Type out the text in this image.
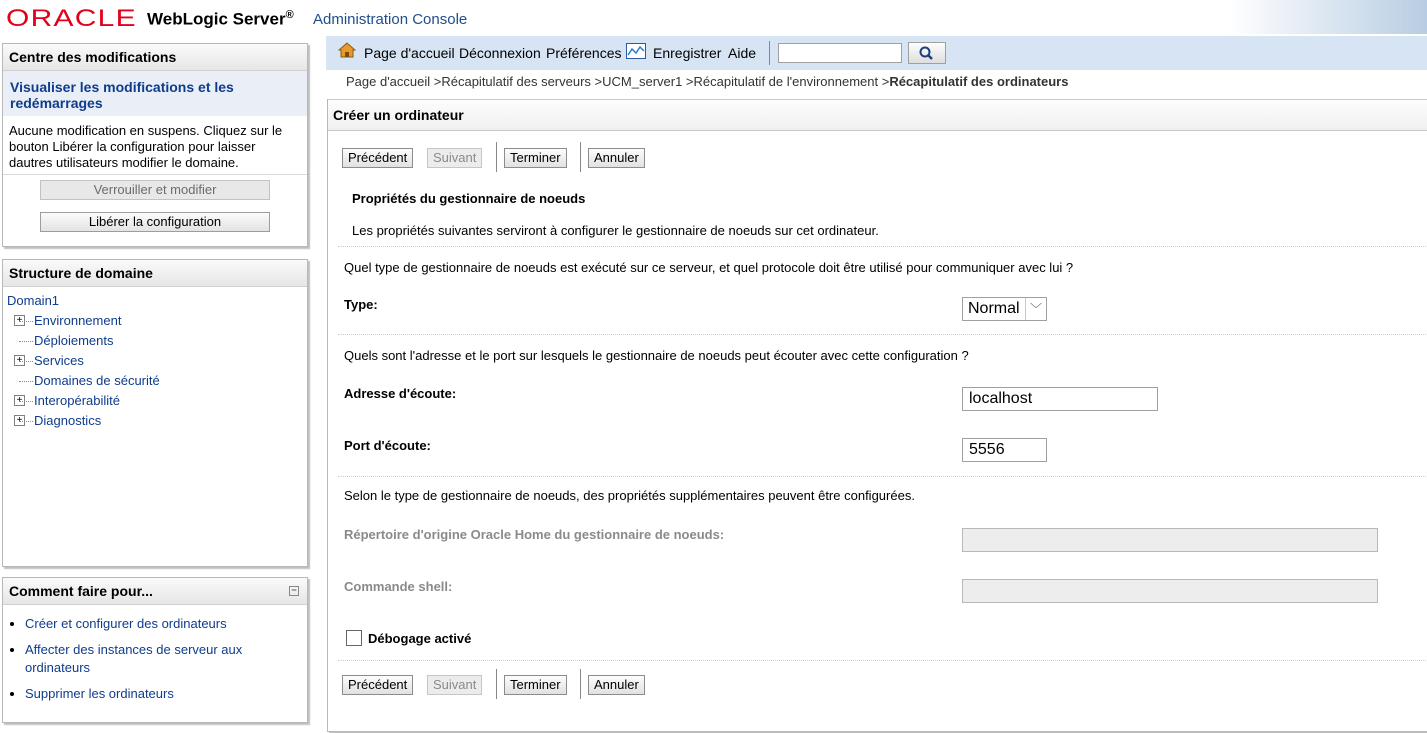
ORACLE WebLogic Server® Administration Console
Centre des modifications
Visualiser les modifications et les redémarrages
Aucune modification en suspens. Cliquez sur le bouton Libérer la configuration pour laisser dautres utilisateurs modifier le domaine.
Verrouiller et modifier
Libérer la configuration
Structure de domaine
Domain1
+ Environnement
Déploiements
+ Services
Domaines de sécurité
+ Interopérabilité
+ Diagnostics
Comment faire pour...	−
• Créer et configurer des ordinateurs
• Affecter des instances de serveur aux ordinateurs
• Supprimer les ordinateurs
Page d'accueil Déconnexion Préférences Enregistrer Aide
Page d'accueil >Récapitulatif des serveurs >UCM_server1 >Récapitulatif de l'environnement >Récapitulatif des ordinateurs
Créer un ordinateur
Précédent	Suivant	Terminer	Annuler
Propriétés du gestionnaire de noeuds
Les propriétés suivantes serviront à configurer le gestionnaire de noeuds sur cet ordinateur.
Quel type de gestionnaire de noeuds est exécuté sur ce serveur, et quel protocole doit être utilisé pour communiquer avec lui ?
Type:	Normal ﹀
Quels sont l'adresse et le port sur lesquels le gestionnaire de noeuds peut écouter avec cette configuration ?
Adresse d'écoute:	localhost
Port d'écoute:	5556
Selon le type de gestionnaire de noeuds, des propriétés supplémentaires peuvent être configurées.
Répertoire d'origine Oracle Home du gestionnaire de noeuds:
Commande shell:
Débogage activé
Précédent	Suivant	Terminer	Annuler
